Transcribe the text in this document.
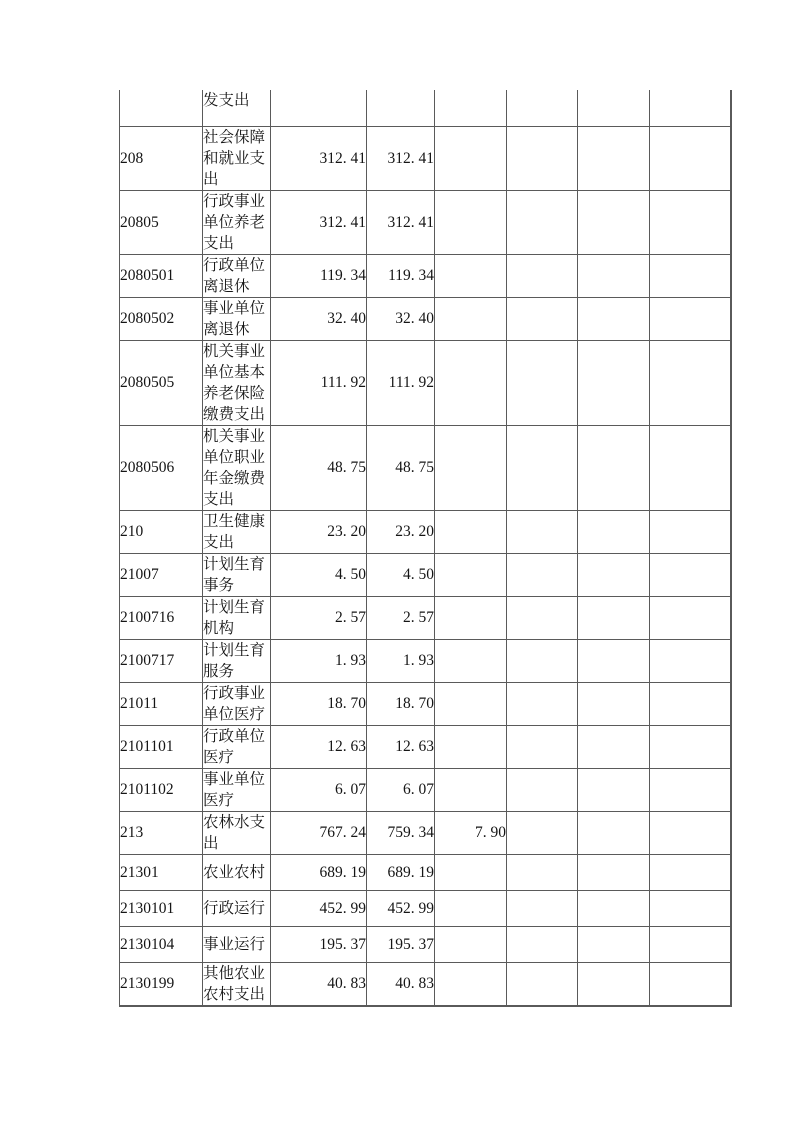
	发支出						
208	社会保障和就业支出	312. 41	312. 41				
20805	行政事业单位养老支出	312. 41	312. 41				
2080501	行政单位离退休	119. 34	119. 34				
2080502	事业单位离退休	32. 40	32. 40				
2080505	机关事业单位基本养老保险缴费支出	111. 92	111. 92				
2080506	机关事业单位职业年金缴费支出	48. 75	48. 75				
210	卫生健康支出	23. 20	23. 20				
21007	计划生育事务	4. 50	4. 50				
2100716	计划生育机构	2. 57	2. 57				
2100717	计划生育服务	1. 93	1. 93				
21011	行政事业单位医疗	18. 70	18. 70				
2101101	行政单位医疗	12. 63	12. 63				
2101102	事业单位医疗	6. 07	6. 07				
213	农林水支出	767. 24	759. 34	7. 90			
21301	农业农村	689. 19	689. 19				
2130101	行政运行	452. 99	452. 99				
2130104	事业运行	195. 37	195. 37				
2130199	其他农业农村支出	40. 83	40. 83				
